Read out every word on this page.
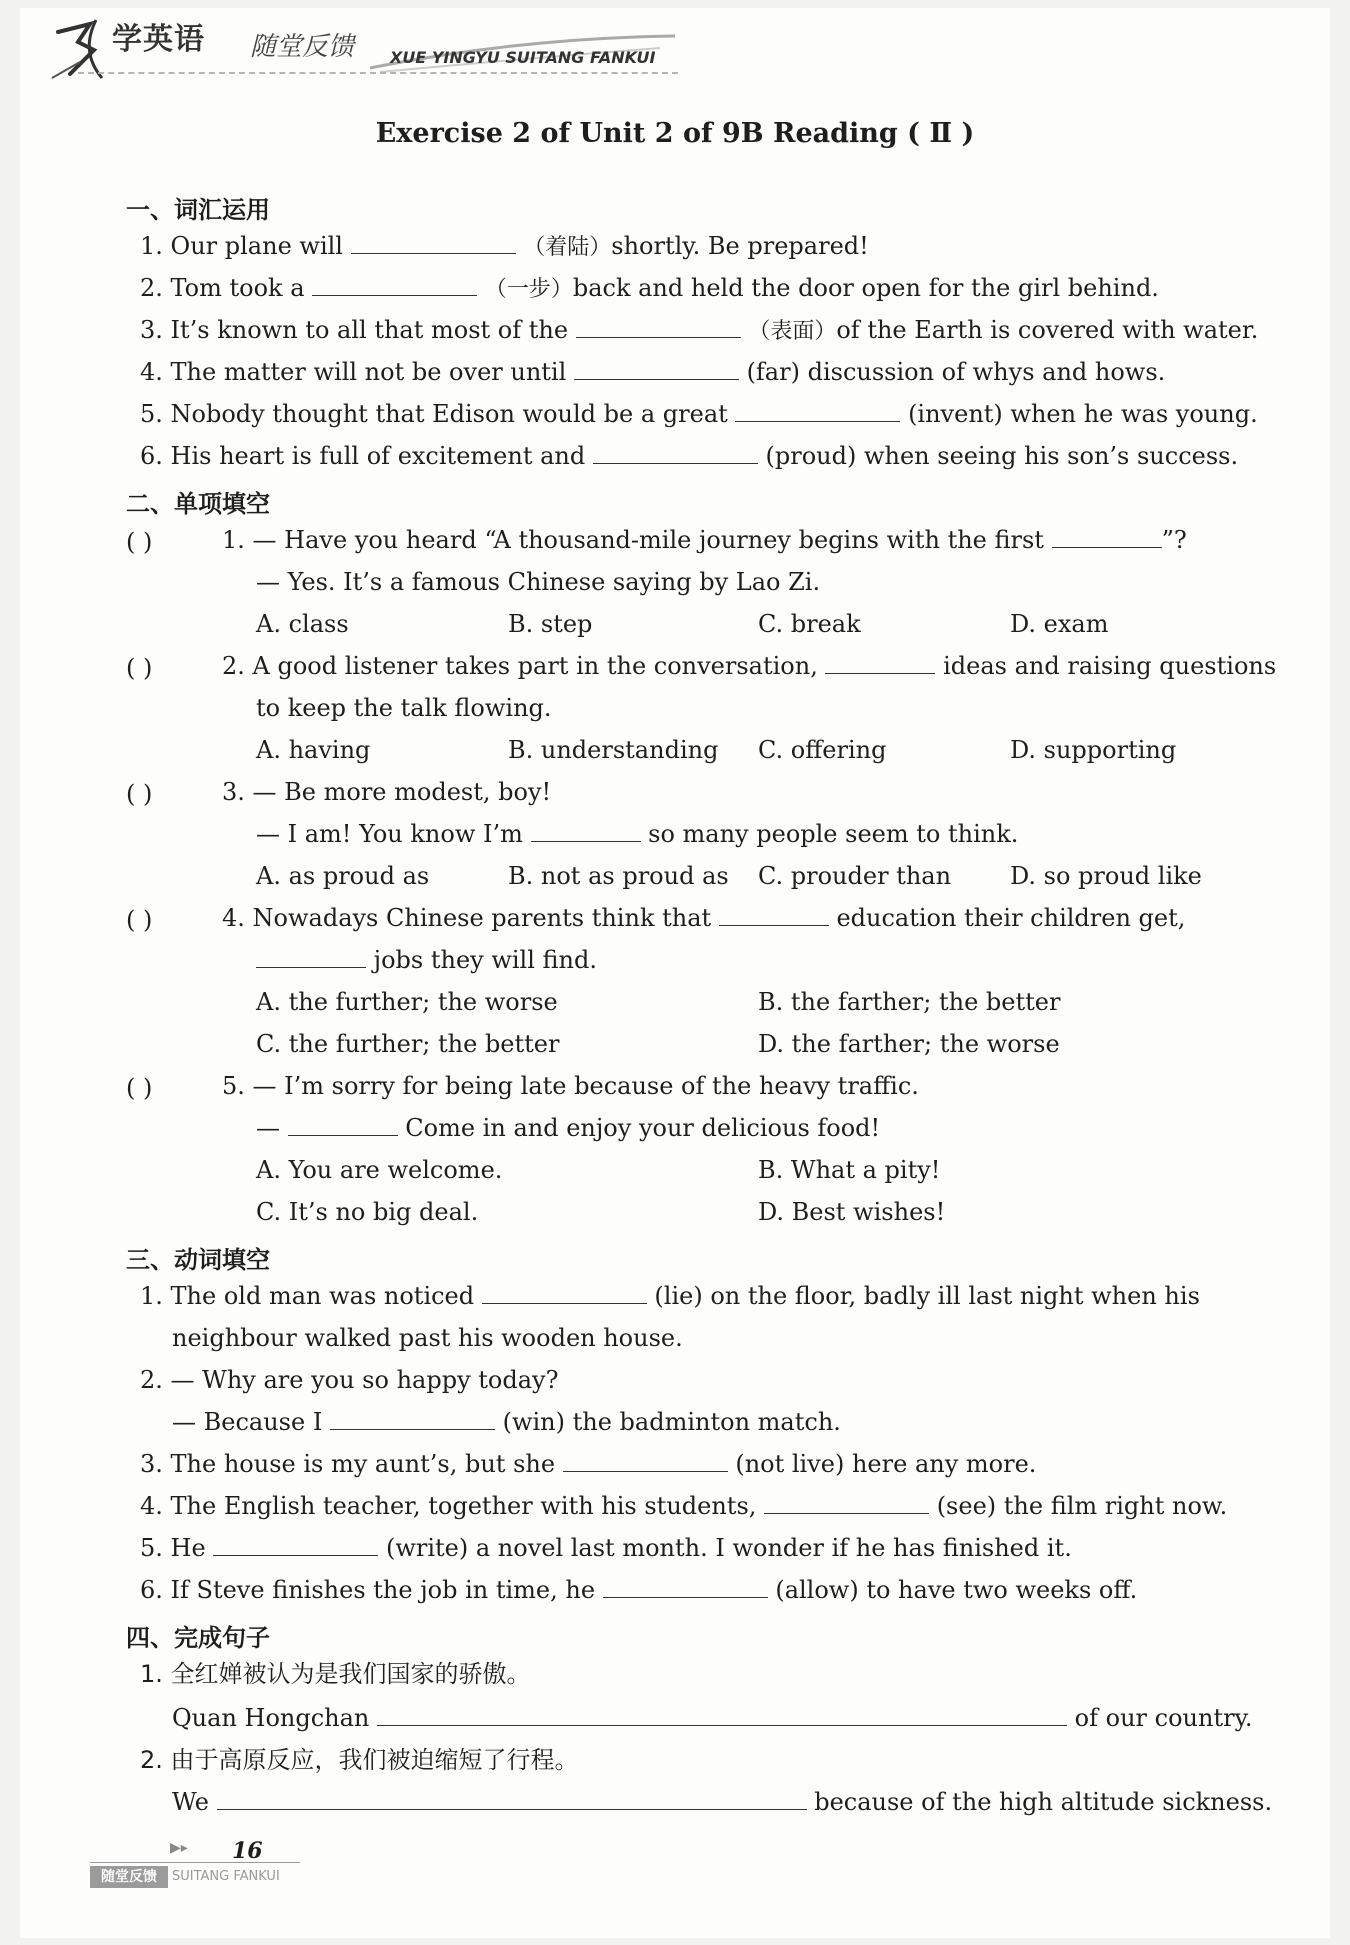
学英语 随堂反馈 XUE YINGYU SUITANG FANKUI
Exercise 2 of Unit 2 of 9B Reading ( Ⅱ )
一、词汇运用
1. Our plane will	（着陆）shortly. Be prepared!
2. Tom took a	（一步）back and held the door open for the girl behind.
3. It’s known to all that most of the	（表面）of the Earth is covered with water.
4. The matter will not be over until	(far) discussion of whys and hows.
5. Nobody thought that Edison would be a great	(invent) when he was young.
6. His heart is full of excitement and	(proud) when seeing his son’s success.
二、单项填空
( )	1. — Have you heard “A thousand-mile journey begins with the first	”?
— Yes. It’s a famous Chinese saying by Lao Zi.
A. class	B. step	C. break	D. exam
( )	2. A good listener takes part in the conversation,	ideas and raising questions
to keep the talk flowing.
A. having	B. understanding C. offering	D. supporting
( )	3. — Be more modest, boy!
— I am! You know I’m	so many people seem to think.
A. as proud as	B. not as proud as C. prouder than D. so proud like
( )	4. Nowadays Chinese parents think that	education their children get,
jobs they will find.
A. the further; the worse	B. the farther; the better
C. the further; the better	D. the farther; the worse
( )	5. — I’m sorry for being late because of the heavy traffic.
—	Come in and enjoy your delicious food!
A. You are welcome.	B. What a pity!
C. It’s no big deal.	D. Best wishes!
三、动词填空
1. The old man was noticed	(lie) on the floor, badly ill last night when his
neighbour walked past his wooden house.
2. — Why are you so happy today?
— Because I	(win) the badminton match.
3. The house is my aunt’s, but she	(not live) here any more.
4. The English teacher, together with his students,	(see) the film right now.
5. He	(write) a novel last month. I wonder if he has finished it.
6. If Steve finishes the job in time, he	(allow) to have two weeks off.
四、完成句子
1. 全红婵被认为是我们国家的骄傲。
Quan Hongchan	of our country.
2. 由于高原反应，我们被迫缩短了行程。
We	because of the high altitude sickness.
▶▸ 16
随堂反馈	SUITANG FANKUI
